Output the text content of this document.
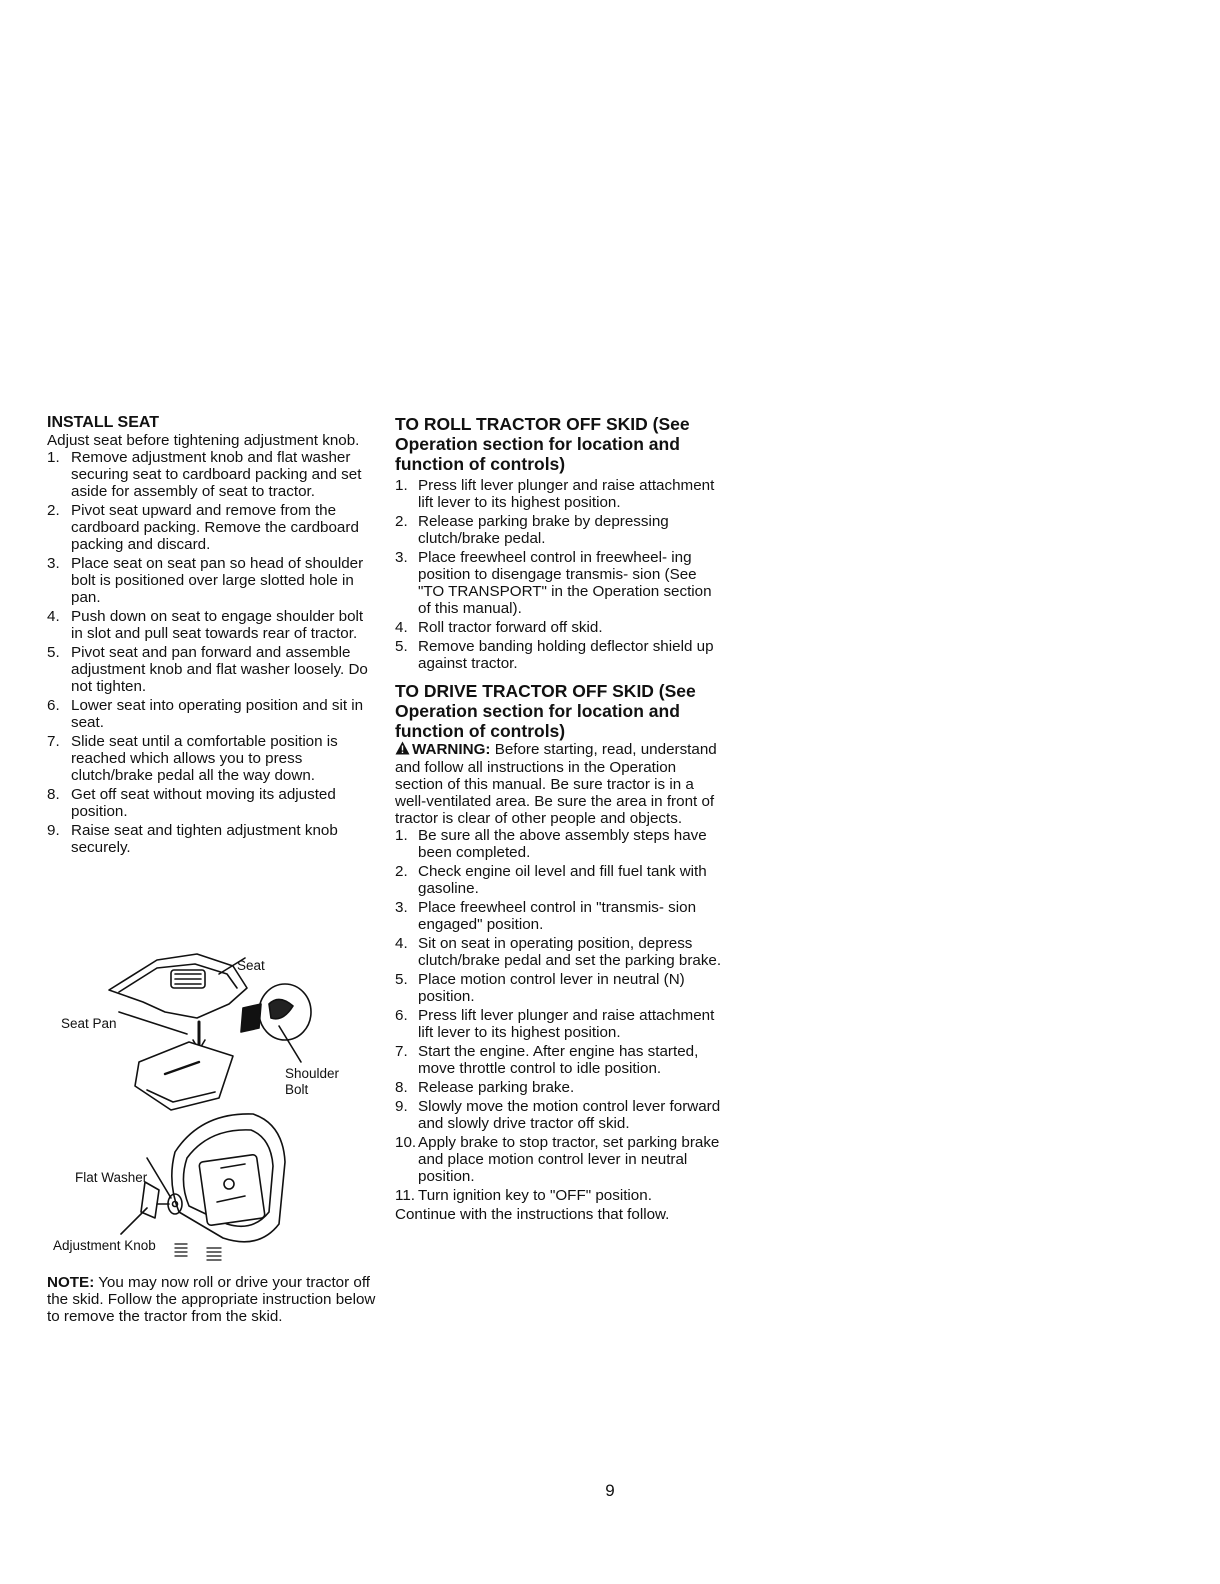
INSTALL SEAT

Adjust seat before tightening adjustment knob.

1. Remove adjustment knob and flat washer securing seat to cardboard packing and set aside for assembly of seat to tractor.
2. Pivot seat upward and remove from the cardboard packing. Remove the cardboard packing and discard.
3. Place seat on seat pan so head of shoulder bolt is positioned over large slotted hole in pan.
4. Push down on seat to engage shoulder bolt in slot and pull seat towards rear of tractor.
5. Pivot seat and pan forward and assemble adjustment knob and flat washer loosely. Do not tighten.
6. Lower seat into operating position and sit in seat.
7. Slide seat until a comfortable position is reached which allows you to press clutch/brake pedal all the way down.
8. Get off seat without moving its adjusted position.
9. Raise seat and tighten adjustment knob securely.
Seat
Seat Pan
Shoulder
Bolt
Flat Washer
Adjustment Knob

NOTE: You may now roll or drive your tractor off the skid. Follow the appropriate instruction below to remove the tractor from the skid.

TO ROLL TRACTOR OFF SKID (See Operation section for location and function of controls)
1. Press lift lever plunger and raise attachment lift lever to its highest position.
2. Release parking brake by depressing clutch/brake pedal.
3. Place freewheel control in freewheel- ing position to disengage transmis- sion (See "TO TRANSPORT" in the Operation section of this manual).
4. Roll tractor forward off skid.
5. Remove banding holding deflector shield up against tractor.
TO DRIVE TRACTOR OFF SKID (See Operation section for location and function of controls)

WARNING: Before starting, read, understand and follow all instructions in the Operation section of this manual. Be sure tractor is in a well-ventilated area. Be sure the area in front of tractor is clear of other people and objects.

1. Be sure all the above assembly steps have been completed.
2. Check engine oil level and fill fuel tank with gasoline.
3. Place freewheel control in "transmis- sion engaged" position.
4. Sit on seat in operating position, depress clutch/brake pedal and set the parking brake.
5. Place motion control lever in neutral (N) position.
6. Press lift lever plunger and raise attachment lift lever to its highest position.
7. Start the engine. After engine has started, move throttle control to idle position.
8. Release parking brake.
9. Slowly move the motion control lever forward and slowly drive tractor off skid.
10. Apply brake to stop tractor, set parking brake and place motion control lever in neutral position.
11. Turn ignition key to "OFF" position.

Continue with the instructions that follow.

9
